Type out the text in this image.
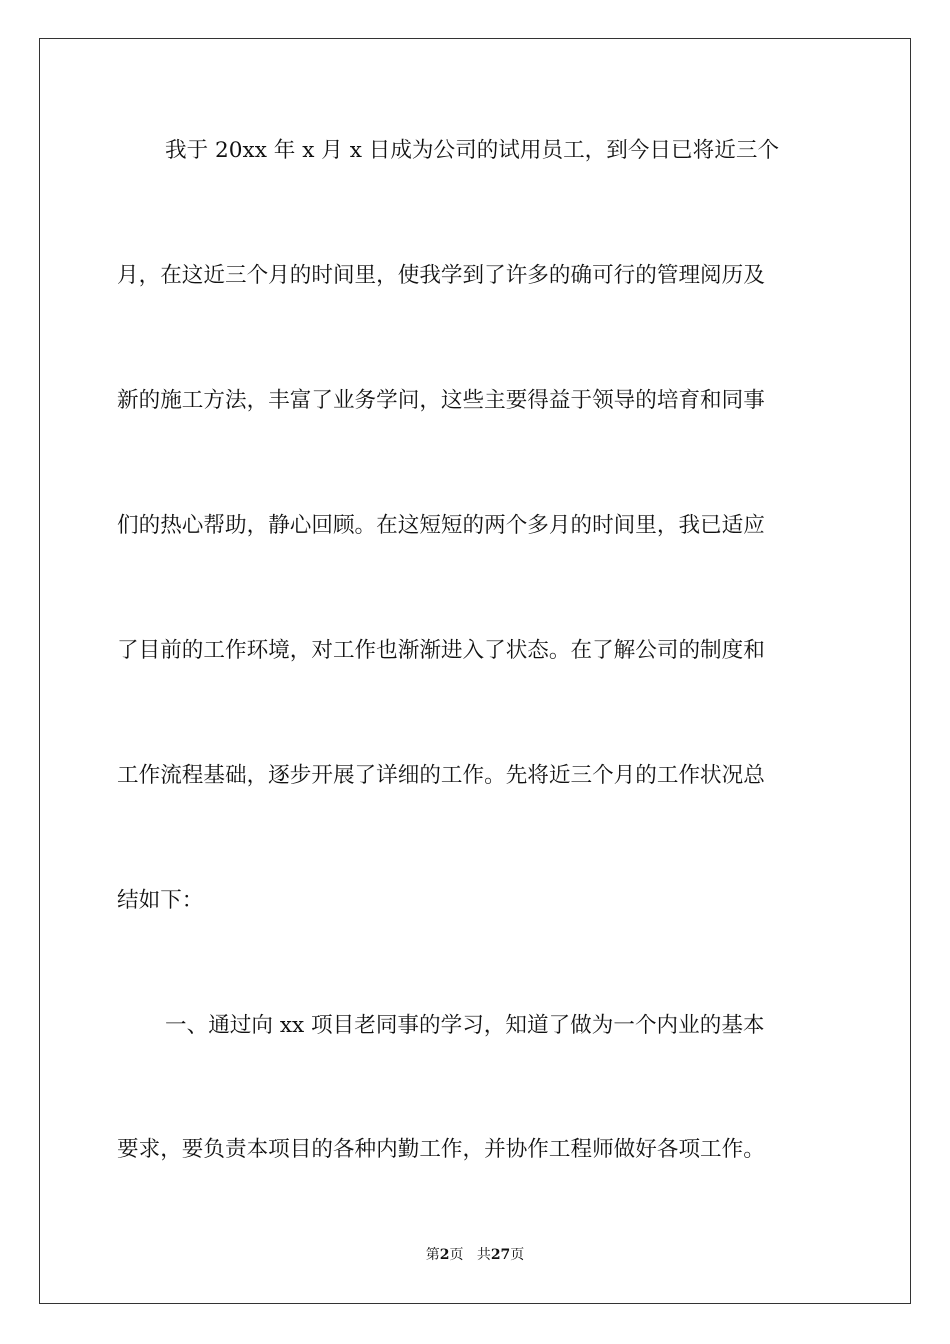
我于 20xx 年 x 月 x 日成为公司的试用员工，到今日已将近三个
月，在这近三个月的时间里，使我学到了许多的确可行的管理阅历及
新的施工方法，丰富了业务学问，这些主要得益于领导的培育和同事
们的热心帮助，静心回顾。在这短短的两个多月的时间里，我已适应
了目前的工作环境，对工作也渐渐进入了状态。在了解公司的制度和
工作流程基础，逐步开展了详细的工作。先将近三个月的工作状况总
结如下：
一、通过向 xx 项目老同事的学习，知道了做为一个内业的基本
要求，要负责本项目的各种内勤工作，并协作工程师做好各项工作。
第2页 共27页
